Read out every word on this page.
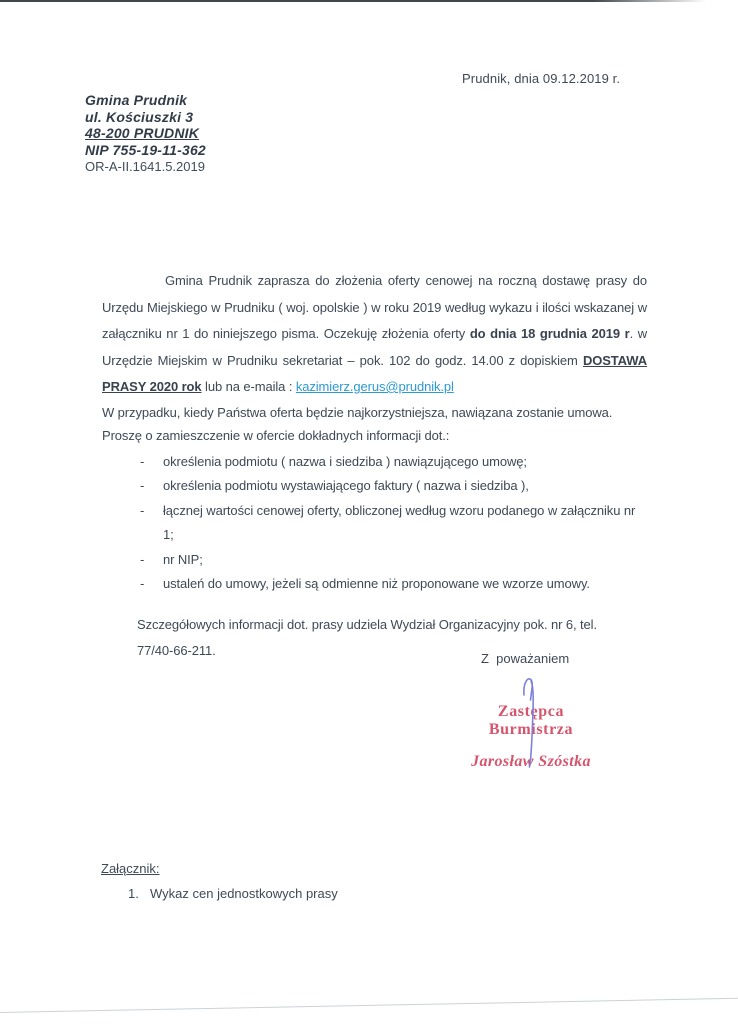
Prudnik, dnia 09.12.2019 r.
Gmina Prudnik
ul. Kościuszki 3
48-200 PRUDNIK
NIP 755-19-11-362
OR-A-II.1641.5.2019

Gmina Prudnik zaprasza do złożenia oferty cenowej na roczną dostawę prasy do Urzędu Miejskiego w Prudniku ( woj. opolskie ) w roku 2019 według wykazu i ilości wskazanej w załączniku nr 1 do niniejszego pisma. Oczekuję złożenia oferty do dnia 18 grudnia 2019 r. w Urzędzie Miejskim w Prudniku sekretariat – pok. 102 do godz. 14.00 z dopiskiem DOSTAWA PRASY 2020 rok lub na e-maila : kazimierz.gerus@prudnik.pl

W przypadku, kiedy Państwa oferta będzie najkorzystniejsza, nawiązana zostanie umowa.
Proszę o zamieszczenie w ofercie dokładnych informacji dot.:
- określenia podmiotu ( nazwa i siedziba ) nawiązującego umowę;
- określenia podmiotu wystawiającego faktury ( nazwa i siedziba ),
- łącznej wartości cenowej oferty, obliczonej według wzoru podanego w załączniku nr 1;
- nr NIP;
- ustaleń do umowy, jeżeli są odmienne niż proponowane we wzorze umowy.
Szczegółowych informacji dot. prasy udziela Wydział Organizacyjny pok. nr 6, tel.
77/40-66-211.
Z  poważaniem
Zastępca Burmistrza
Jarosław Szóstka
Załącznik:
1. Wykaz cen jednostkowych prasy
